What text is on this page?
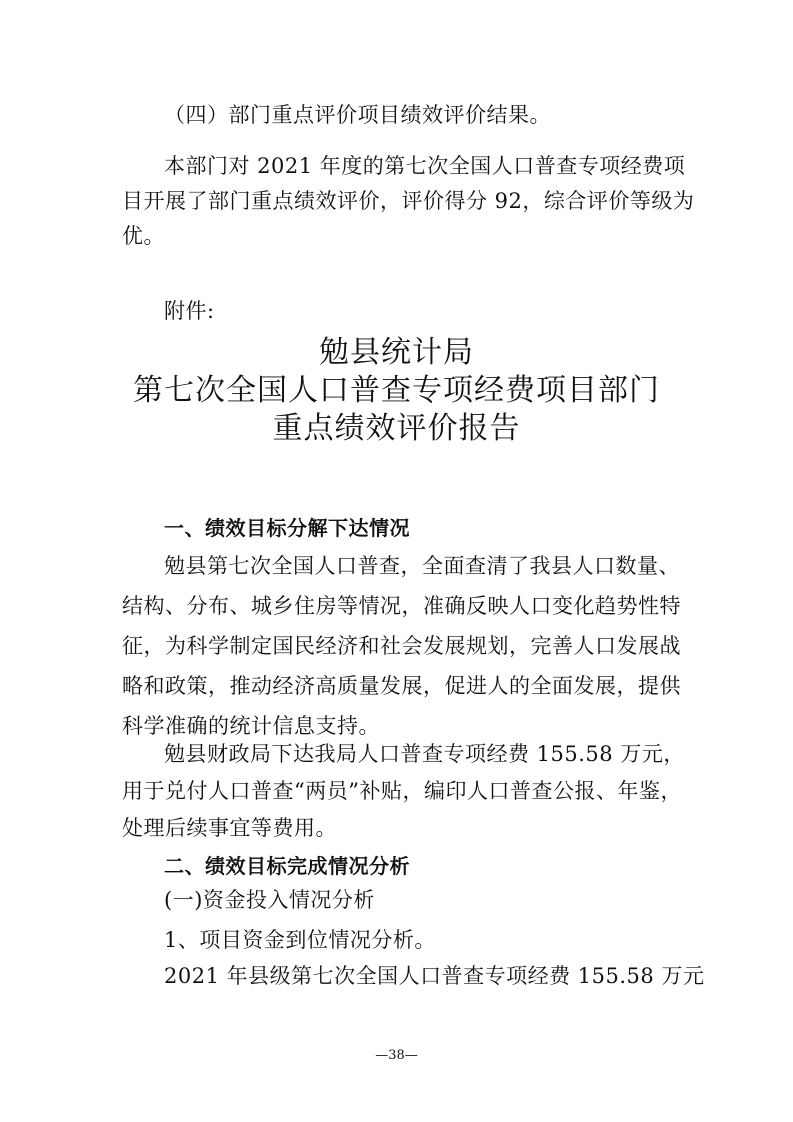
（四）部门重点评价项目绩效评价结果。
本部门对 2021 年度的第七次全国人口普查专项经费项
目开展了部门重点绩效评价，评价得分 92，综合评价等级为
优。
附件:
勉县统计局
第七次全国人口普查专项经费项目部门
重点绩效评价报告
一、绩效目标分解下达情况
勉县第七次全国人口普查，全面查清了我县人口数量、
结构、分布、城乡住房等情况，准确反映人口变化趋势性特
征，为科学制定国民经济和社会发展规划，完善人口发展战
略和政策，推动经济高质量发展，促进人的全面发展，提供
科学准确的统计信息支持。
勉县财政局下达我局人口普查专项经费 155.58 万元，
用于兑付人口普查“两员”补贴，编印人口普查公报、年鉴，
处理后续事宜等费用。
二、绩效目标完成情况分析
(一)资金投入情况分析
1、项目资金到位情况分析。
2021 年县级第七次全国人口普查专项经费 155.58 万元
—38—
